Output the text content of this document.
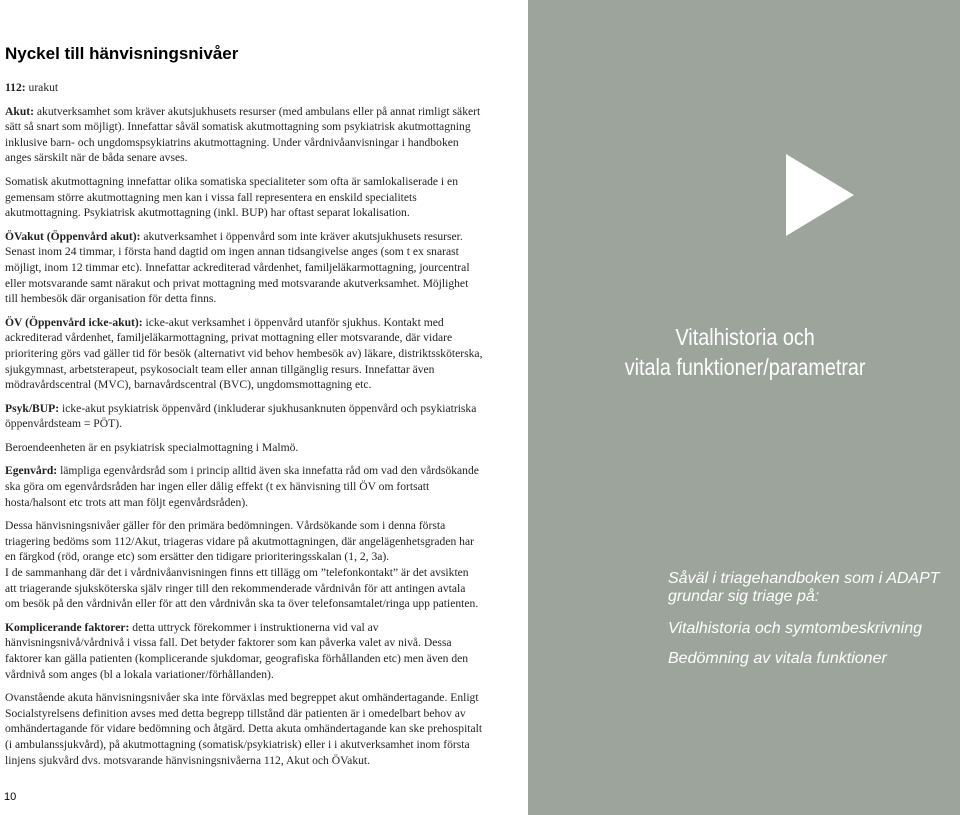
Nyckel till hänvisningsnivåer

112: urakut

Akut: akutverksamhet som kräver akutsjukhusets resurser (med ambulans eller på annat rimligt säkert sätt så snart som möjligt). Innefattar såväl somatisk akutmottagning som psykiatrisk akutmottagning inklusive barn- och ungdomspsykiatrins akutmottagning. Under vårdnivåanvisningar i handboken anges särskilt när de båda senare avses.

Somatisk akutmottagning innefattar olika somatiska specialiteter som ofta är samlokaliserade i en gemensam större akutmottagning men kan i vissa fall representera en enskild specialitets akutmottagning. Psykiatrisk akutmottagning (inkl. BUP) har oftast separat lokalisation.

ÖVakut (Öppenvård akut): akutverksamhet i öppenvård som inte kräver akutsjukhusets resurser.

Senast inom 24 timmar, i första hand dagtid om ingen annan tidsangivelse anges (som t ex snarast möjligt, inom 12 timmar etc). Innefattar ackrediterad vårdenhet, familjeläkarmottagning, jourcentral eller motsvarande samt närakut och privat mottagning med motsvarande akutverksamhet. Möjlighet till hembesök där organisation för detta finns.

ÖV (Öppenvård icke-akut): icke-akut verksamhet i öppenvård utanför sjukhus. Kontakt med ackrediterad vårdenhet, familjeläkarmottagning, privat mottagning eller motsvarande, där vidare prioritering görs vad gäller tid för besök (alternativt vid behov hembesök av) läkare, distriktssköterska, sjukgymnast, arbetsterapeut, psykosocialt team eller annan tillgänglig resurs. Innefattar även mödravårdscentral (MVC), barnavårdscentral (BVC), ungdomsmottagning etc.

Psyk/BUP: icke-akut psykiatrisk öppenvård (inkluderar sjukhusanknuten öppenvård och psykiatriska öppenvårdsteam = PÖT).

Beroendeenheten är en psykiatrisk specialmottagning i Malmö.

Egenvård: lämpliga egenvårdsråd som i princip alltid även ska innefatta råd om vad den vårdsökande ska göra om egenvårdsråden har ingen eller dålig effekt (t ex hänvisning till ÖV om fortsatt hosta/halsont etc trots att man följt egenvårdsråden).

Dessa hänvisningsnivåer gäller för den primära bedömningen. Vårdsökande som i denna första triagering bedöms som 112/Akut, triageras vidare på akutmottagningen, där angelägenhetsgraden har en färgkod (röd, orange etc) som ersätter den tidigare prioriteringsskalan (1, 2, 3a).

I de sammanhang där det i vårdnivåanvisningen finns ett tillägg om ”telefonkontakt” är det avsikten att triagerande sjuksköterska själv ringer till den rekommenderade vårdnivån för att antingen avtala om besök på den vårdnivån eller för att den vårdnivån ska ta över telefonsamtalet/ringa upp patienten.

Komplicerande faktorer: detta uttryck förekommer i instruktionerna vid val av hänvisningsnivå/vårdnivå i vissa fall. Det betyder faktorer som kan påverka valet av nivå. Dessa faktorer kan gälla patienten (komplicerande sjukdomar, geografiska förhållanden etc) men även den vårdnivå som anges (bl a lokala variationer/förhållanden).

Ovanstående akuta hänvisningsnivåer ska inte förväxlas med begreppet akut omhändertagande. Enligt Socialstyrelsens definition avses med detta begrepp tillstånd där patienten är i omedelbart behov av omhändertagande för vidare bedömning och åtgärd. Detta akuta omhändertagande kan ske prehospitalt (i ambulanssjukvård), på akutmottagning (somatisk/psykiatrisk) eller i i akutverksamhet inom första linjens sjukvård dvs. motsvarande hänvisningsnivåerna 112, Akut och ÖVakut.

10
Vitalhistoria och
vitala funktioner/parametrar
Såväl i triagehandboken som i ADAPT grundar sig triage på:
Vitalhistoria och symtombeskrivning
Bedömning av vitala funktioner
